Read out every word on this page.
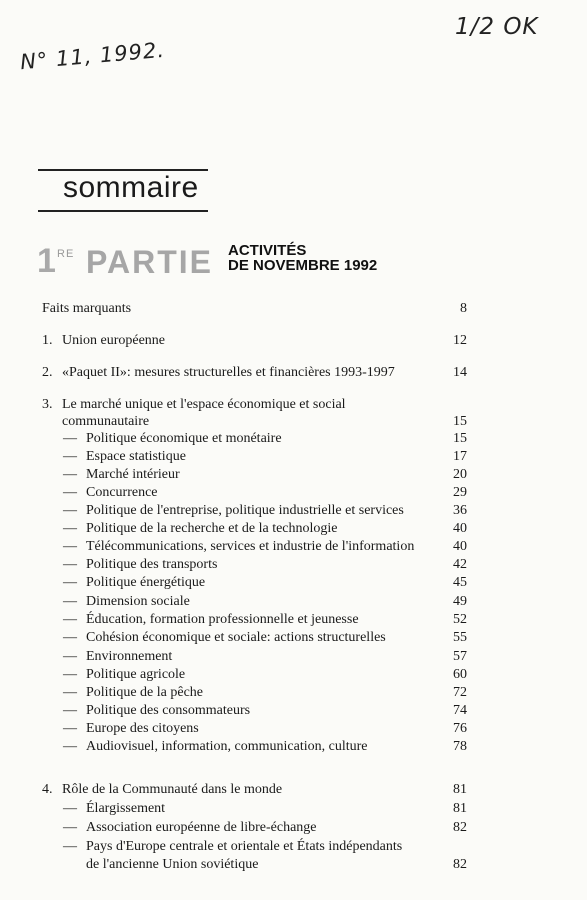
N° 11, 1992.
1/2 OK
sommaire
1 RE PARTIE ACTIVITÉS
DE NOVEMBRE 1992
Faits marquants	8
1. Union européenne	12
2. «Paquet II»: mesures structurelles et financières 1993-1997	14
3. Le marché unique et l'espace économique et social
communautaire	15
— Politique économique et monétaire	15
— Espace statistique	17
— Marché intérieur	20
— Concurrence	29
— Politique de l'entreprise, politique industrielle et services	36
— Politique de la recherche et de la technologie	40
— Télécommunications, services et industrie de l'information	40
— Politique des transports	42
— Politique énergétique	45
— Dimension sociale	49
— Éducation, formation professionnelle et jeunesse	52
— Cohésion économique et sociale: actions structurelles	55
— Environnement	57
— Politique agricole	60
— Politique de la pêche	72
— Politique des consommateurs	74
— Europe des citoyens	76
— Audiovisuel, information, communication, culture	78
4. Rôle de la Communauté dans le monde	81
— Élargissement	81
— Association européenne de libre-échange	82
— Pays d'Europe centrale et orientale et États indépendants
de l'ancienne Union soviétique	82
